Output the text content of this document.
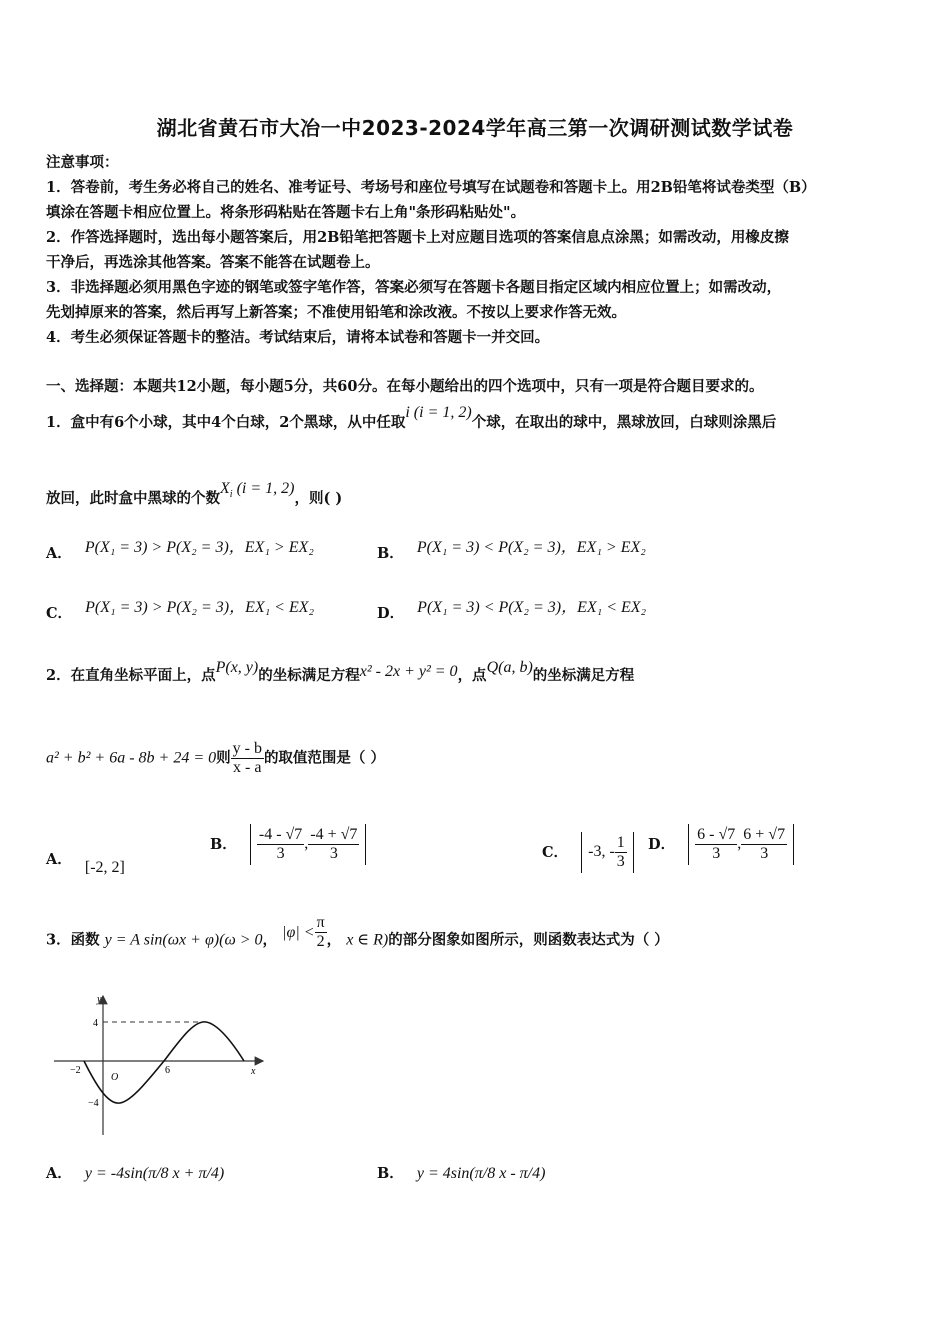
湖北省黄石市大冶一中2023-2024学年高三第一次调研测试数学试卷
注意事项：
1．答卷前，考生务必将自己的姓名、准考证号、考场号和座位号填写在试题卷和答题卡上。用2B铅笔将试卷类型（B）
填涂在答题卡相应位置上。将条形码粘贴在答题卡右上角"条形码粘贴处"。
2．作答选择题时，选出每小题答案后，用2B铅笔把答题卡上对应题目选项的答案信息点涂黑；如需改动，用橡皮擦
干净后，再选涂其他答案。答案不能答在试题卷上。
3．非选择题必须用黑色字迹的钢笔或签字笔作答，答案必须写在答题卡各题目指定区域内相应位置上；如需改动，
先划掉原来的答案，然后再写上新答案；不准使用铅笔和涂改液。不按以上要求作答无效。
4．考生必须保证答题卡的整洁。考试结束后，请将本试卷和答题卡一并交回。
一、选择题：本题共12小题，每小题5分，共60分。在每小题给出的四个选项中，只有一项是符合题目要求的。
1．盒中有6个小球，其中4个白球，2个黑球，从中任取i (i = 1, 2)个球，在取出的球中，黑球放回，白球则涂黑后
放回，此时盒中黑球的个数$X_i$ (i = 1, 2)，则( )
A． P(X₁ = 3) > P(X₂ = 3)，EX₁ > EX₂	B． P(X₁ = 3) < P(X₂ = 3)，EX₁ > EX₂
C． P(X₁ = 3) > P(X₂ = 3)，EX₁ < EX₂	D． P(X₁ = 3) < P(X₂ = 3)，EX₁ < EX₂
2．在直角坐标平面上，点P(x, y)的坐标满足方程x² - 2x + y² = 0，点Q(a, b)的坐标满足方程
a² + b² + 6a - 8b + 24 = 0则 $\frac{y - b}{x - a}$ 的取值范围是（ ）
A． [-2, 2]
B． $\frac{-4 - √7}{3}$ , $\frac{-4 + √7}{3}$	C． -3, - $\frac{1}{3}$ D． $\frac{6 - √7}{3}$ , $\frac{6 + √7}{3}$
3．函数 y = A sin(ωx + φ)(ω > 0， $|\varphi| < \frac{\pi}{2}$ ， x ∈ R)的部分图象如图所示，则函数表达式为（ ）
y
x
O
4
−4
−2	6
A． y = -4sin(π/8 x + π/4)	B． y = 4sin(π/8 x - π/4)
